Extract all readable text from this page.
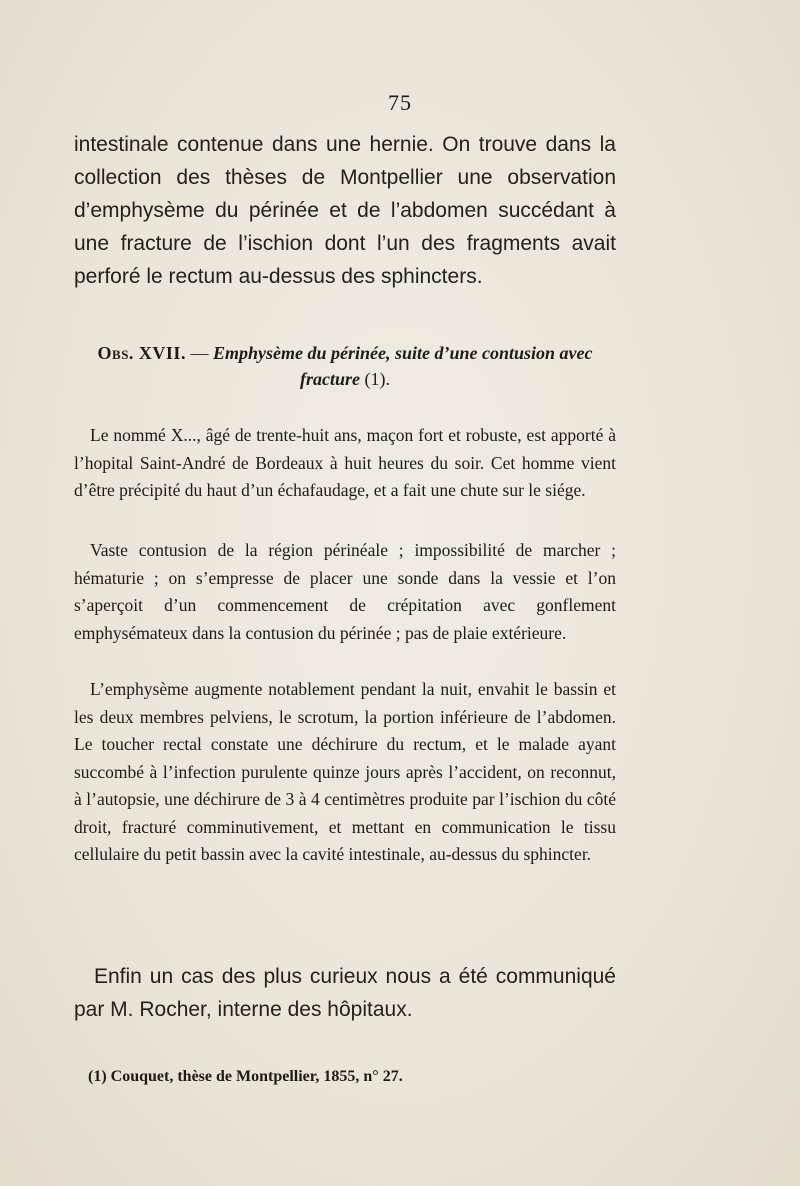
75

intestinale contenue dans une hernie. On trouve dans la collection des thèses de Montpellier une observation d’emphysème du périnée et de l’abdomen succédant à une fracture de l’ischion dont l’un des fragments avait perforé le rectum au-dessus des sphincters.

Obs. XVII. — Emphysème du périnée, suite d’une contusion avec fracture (1).

Le nommé X..., âgé de trente-huit ans, maçon fort et robuste, est apporté à l’hopital Saint-André de Bordeaux à huit heures du soir. Cet homme vient d’être précipité du haut d’un échafaudage, et a fait une chute sur le siége.

Vaste contusion de la région périnéale ; impossibilité de marcher ; hématurie ; on s’empresse de placer une sonde dans la vessie et l’on s’aperçoit d’un commencement de crépitation avec gonflement emphysémateux dans la contusion du périnée ; pas de plaie extérieure.

L’emphysème augmente notablement pendant la nuit, envahit le bassin et les deux membres pelviens, le scrotum, la portion inférieure de l’abdomen. Le toucher rectal constate une déchirure du rectum, et le malade ayant succombé à l’infection purulente quinze jours après l’accident, on reconnut, à l’autopsie, une déchirure de 3 à 4 centimètres produite par l’ischion du côté droit, fracturé comminutivement, et mettant en communication le tissu cellulaire du petit bassin avec la cavité intestinale, au-dessus du sphincter.

Enfin un cas des plus curieux nous a été communiqué par M. Rocher, interne des hôpitaux.

(1) Couquet, thèse de Montpellier, 1855, n° 27.
